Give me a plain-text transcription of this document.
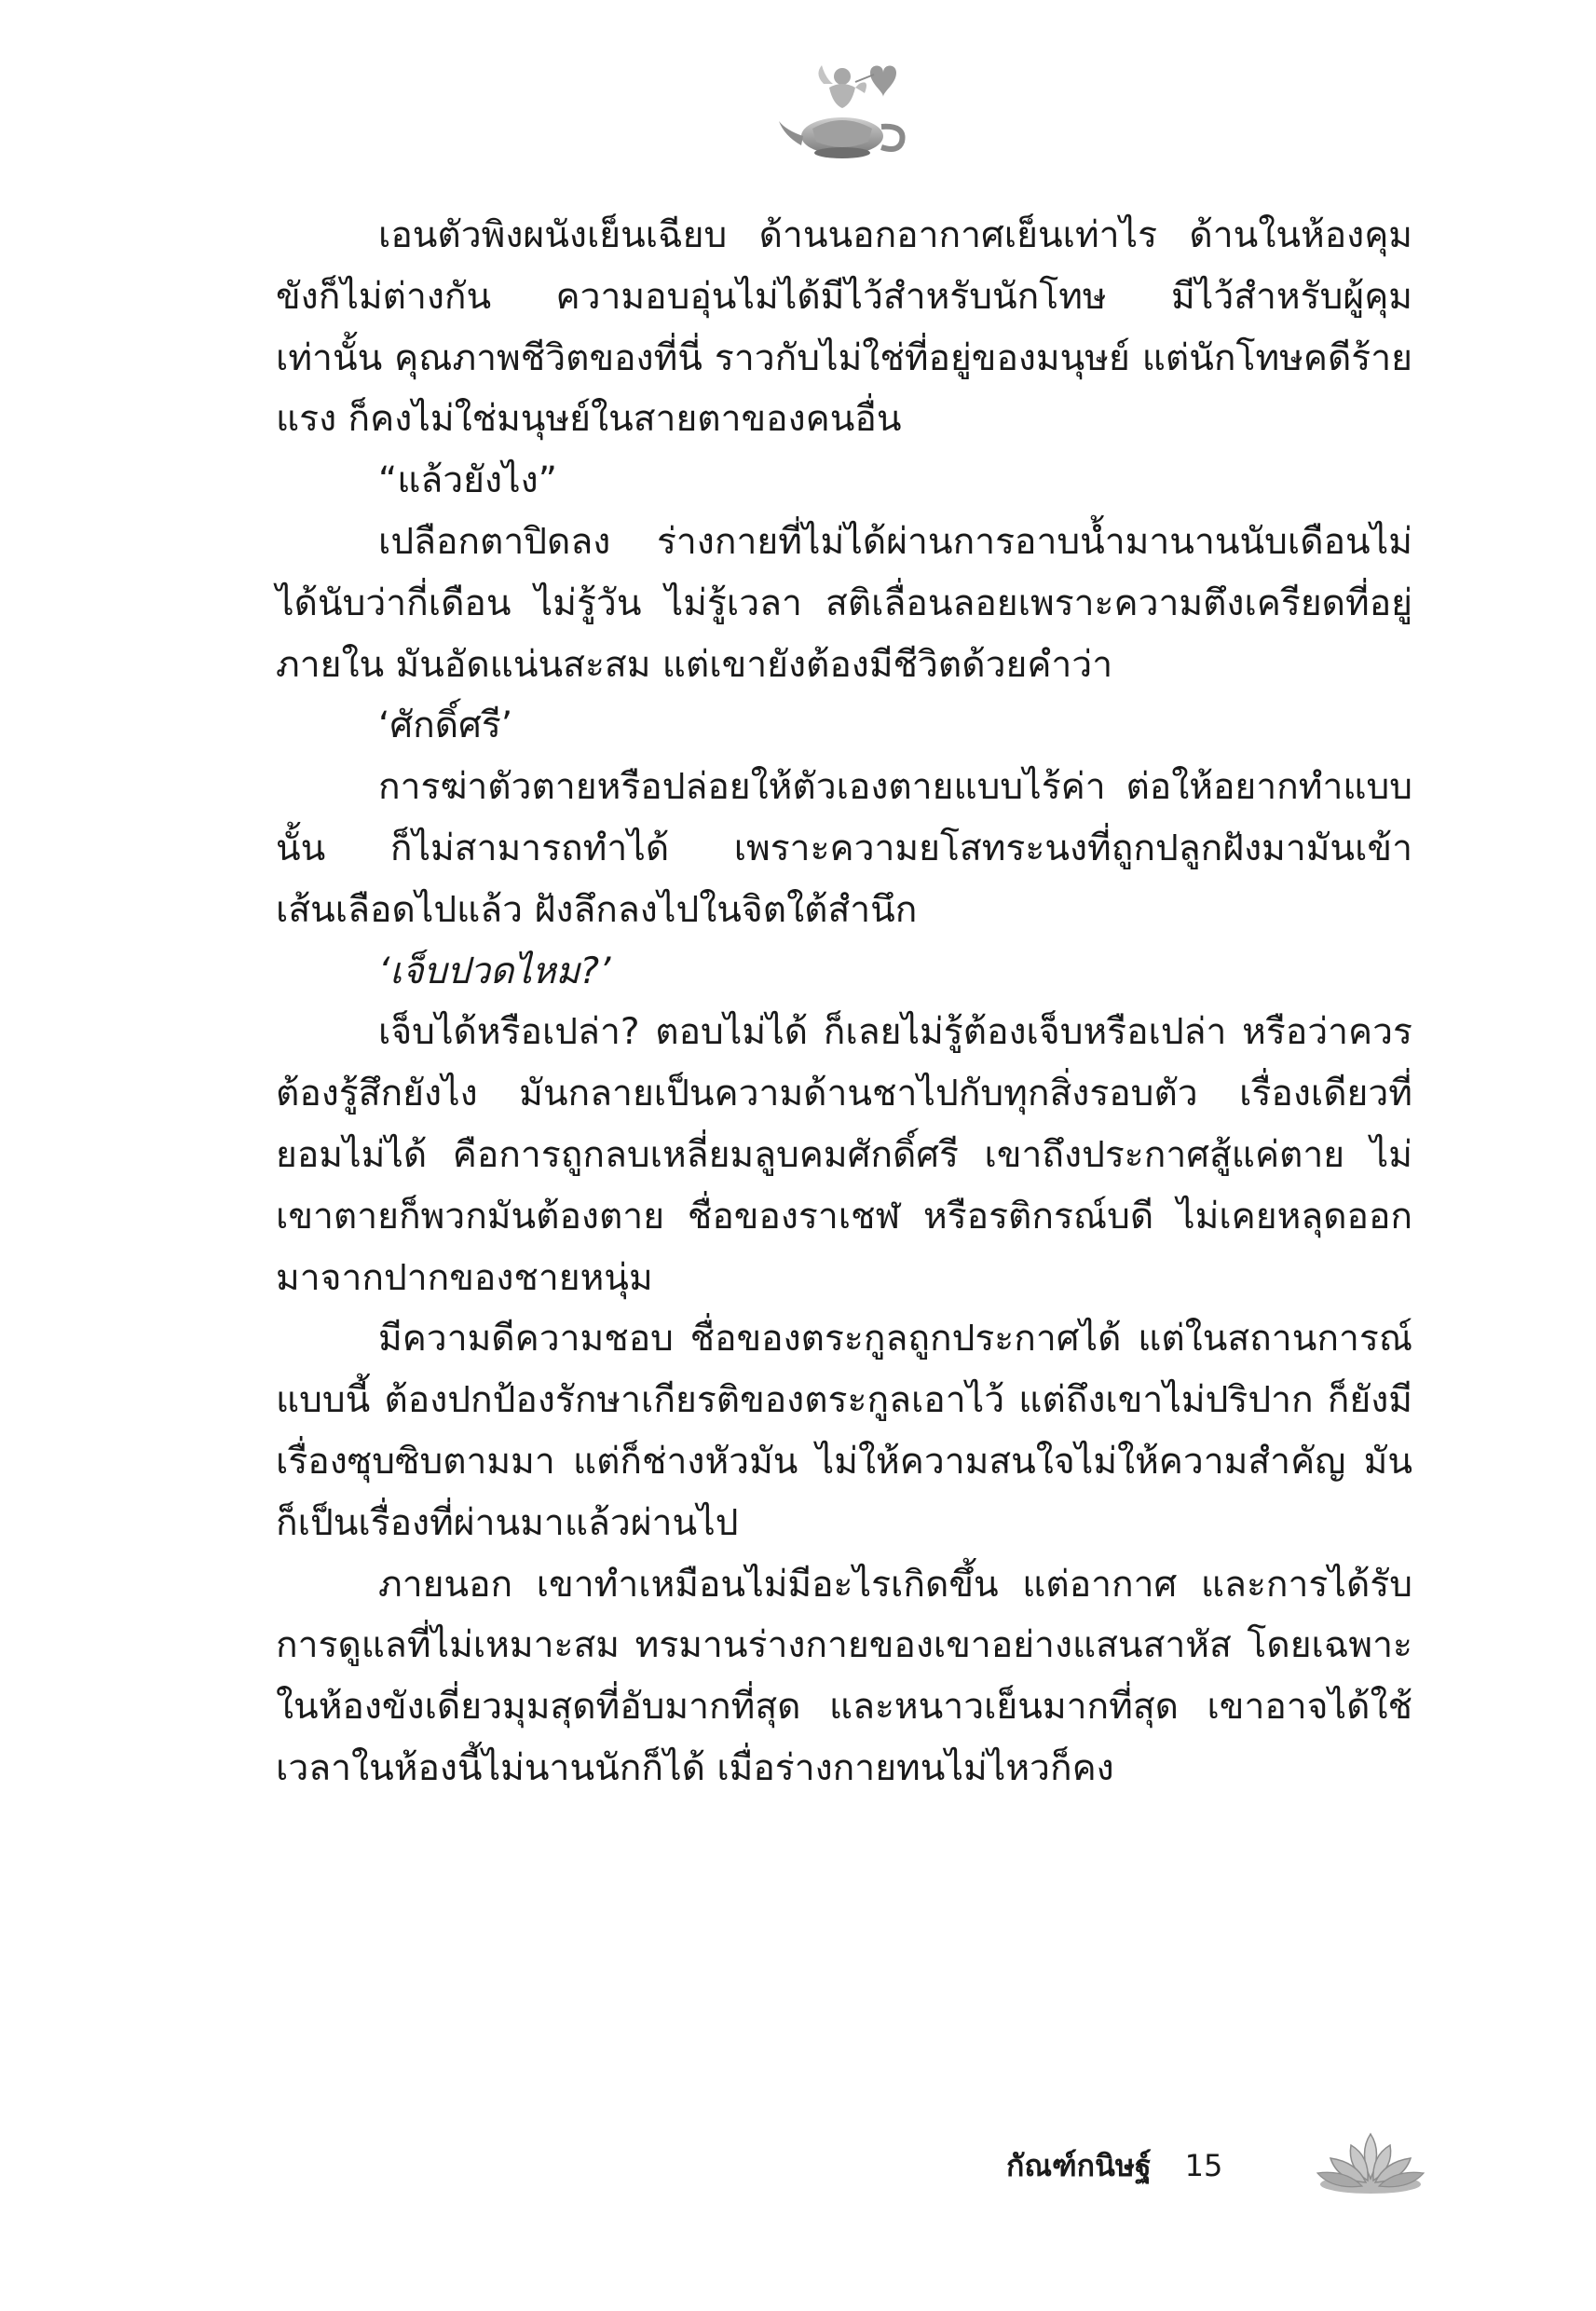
เอนตัวพิงผนังเย็นเฉียบ ด้านนอกอากาศเย็นเท่าไร ด้านในห้องคุมขังก็ไม่ต่างกัน ความอบอุ่นไม่ได้มีไว้สำหรับนักโทษ มีไว้สำหรับผู้คุมเท่านั้น คุณภาพชีวิตของที่นี่ ราวกับไม่ใช่ที่อยู่ของมนุษย์ แต่นักโทษคดีร้ายแรง ก็คงไม่ใช่มนุษย์ในสายตาของคนอื่น

“แล้วยังไง”

เปลือกตาปิดลง ร่างกายที่ไม่ได้ผ่านการอาบน้ำมานานนับเดือนไม่ได้นับว่ากี่เดือน ไม่รู้วัน ไม่รู้เวลา สติเลื่อนลอยเพราะความตึงเครียดที่อยู่ภายใน มันอัดแน่นสะสม แต่เขายังต้องมีชีวิตด้วยคำว่า

‘ศักดิ์ศรี’

การฆ่าตัวตายหรือปล่อยให้ตัวเองตายแบบไร้ค่า ต่อให้อยากทำแบบนั้น ก็ไม่สามารถทำได้ เพราะความยโสทระนงที่ถูกปลูกฝังมามันเข้าเส้นเลือดไปแล้ว ฝังลึกลงไปในจิตใต้สำนึก

‘เจ็บปวดไหม?’

เจ็บได้หรือเปล่า? ตอบไม่ได้ ก็เลยไม่รู้ต้องเจ็บหรือเปล่า หรือว่าควรต้องรู้สึกยังไง มันกลายเป็นความด้านชาไปกับทุกสิ่งรอบตัว เรื่องเดียวที่ยอมไม่ได้ คือการถูกลบเหลี่ยมลูบคมศักดิ์ศรี เขาถึงประกาศสู้แค่ตาย ไม่เขาตายก็พวกมันต้องตาย ชื่อของราเชฬ หรือรติกรณ์บดี ไม่เคยหลุดออกมาจากปากของชายหนุ่ม

มีความดีความชอบ ชื่อของตระกูลถูกประกาศได้ แต่ในสถานการณ์แบบนี้ ต้องปกป้องรักษาเกียรติของตระกูลเอาไว้ แต่ถึงเขาไม่ปริปาก ก็ยังมีเรื่องซุบซิบตามมา แต่ก็ช่างหัวมัน ไม่ให้ความสนใจไม่ให้ความสำคัญ มันก็เป็นเรื่องที่ผ่านมาแล้วผ่านไป

ภายนอก เขาทำเหมือนไม่มีอะไรเกิดขึ้น แต่อากาศ และการได้รับการดูแลที่ไม่เหมาะสม ทรมานร่างกายของเขาอย่างแสนสาหัส โดยเฉพาะในห้องขังเดี่ยวมุมสุดที่อับมากที่สุด และหนาวเย็นมากที่สุด เขาอาจได้ใช้เวลาในห้องนี้ไม่นานนักก็ได้ เมื่อร่างกายทนไม่ไหวก็คง

กัณฑ์กนิษฐ์ 15
